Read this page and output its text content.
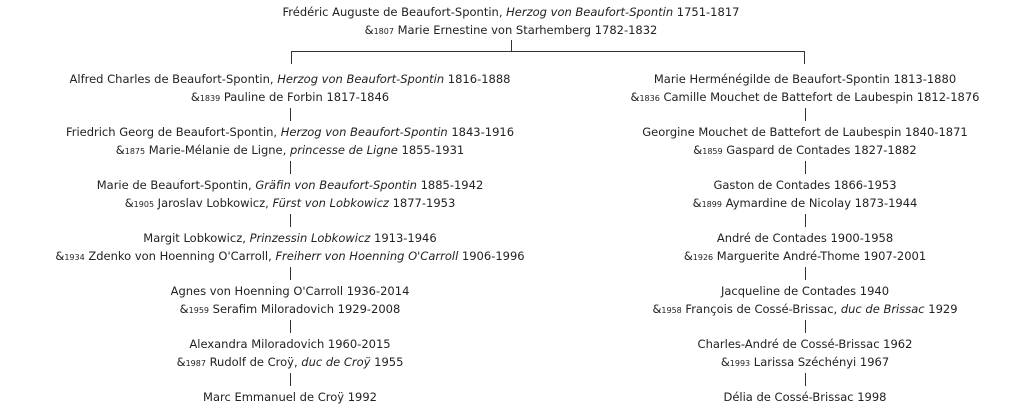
Frédéric Auguste de Beaufort-Spontin, Herzog von Beaufort-Spontin 1751-1817
&1807 Marie Ernestine von Starhemberg 1782-1832
Alfred Charles de Beaufort-Spontin, Herzog von Beaufort-Spontin 1816-1888
&1839 Pauline de Forbin 1817-1846
Friedrich Georg de Beaufort-Spontin, Herzog von Beaufort-Spontin 1843-1916
&1875 Marie-Mélanie de Ligne, princesse de Ligne 1855-1931
Marie de Beaufort-Spontin, Gräfin von Beaufort-Spontin 1885-1942
&1905 Jaroslav Lobkowicz, Fürst von Lobkowicz 1877-1953
Margit Lobkowicz, Prinzessin Lobkowicz 1913-1946
&1934 Zdenko von Hoenning O'Carroll, Freiherr von Hoenning O'Carroll 1906-1996
Agnes von Hoenning O'Carroll 1936-2014
&1959 Serafim Miloradovich 1929-2008
Alexandra Miloradovich 1960-2015
&1987 Rudolf de Croÿ, duc de Croÿ 1955
Marc Emmanuel de Croÿ 1992
Marie Herménégilde de Beaufort-Spontin 1813-1880
&1836 Camille Mouchet de Battefort de Laubespin 1812-1876
Georgine Mouchet de Battefort de Laubespin 1840-1871
&1859 Gaspard de Contades 1827-1882
Gaston de Contades 1866-1953
&1899 Aymardine de Nicolay 1873-1944
André de Contades 1900-1958
&1926 Marguerite André-Thome 1907-2001
Jacqueline de Contades 1940
&1958 François de Cossé-Brissac, duc de Brissac 1929
Charles-André de Cossé-Brissac 1962
&1993 Larissa Széchényi 1967
Délia de Cossé-Brissac 1998
